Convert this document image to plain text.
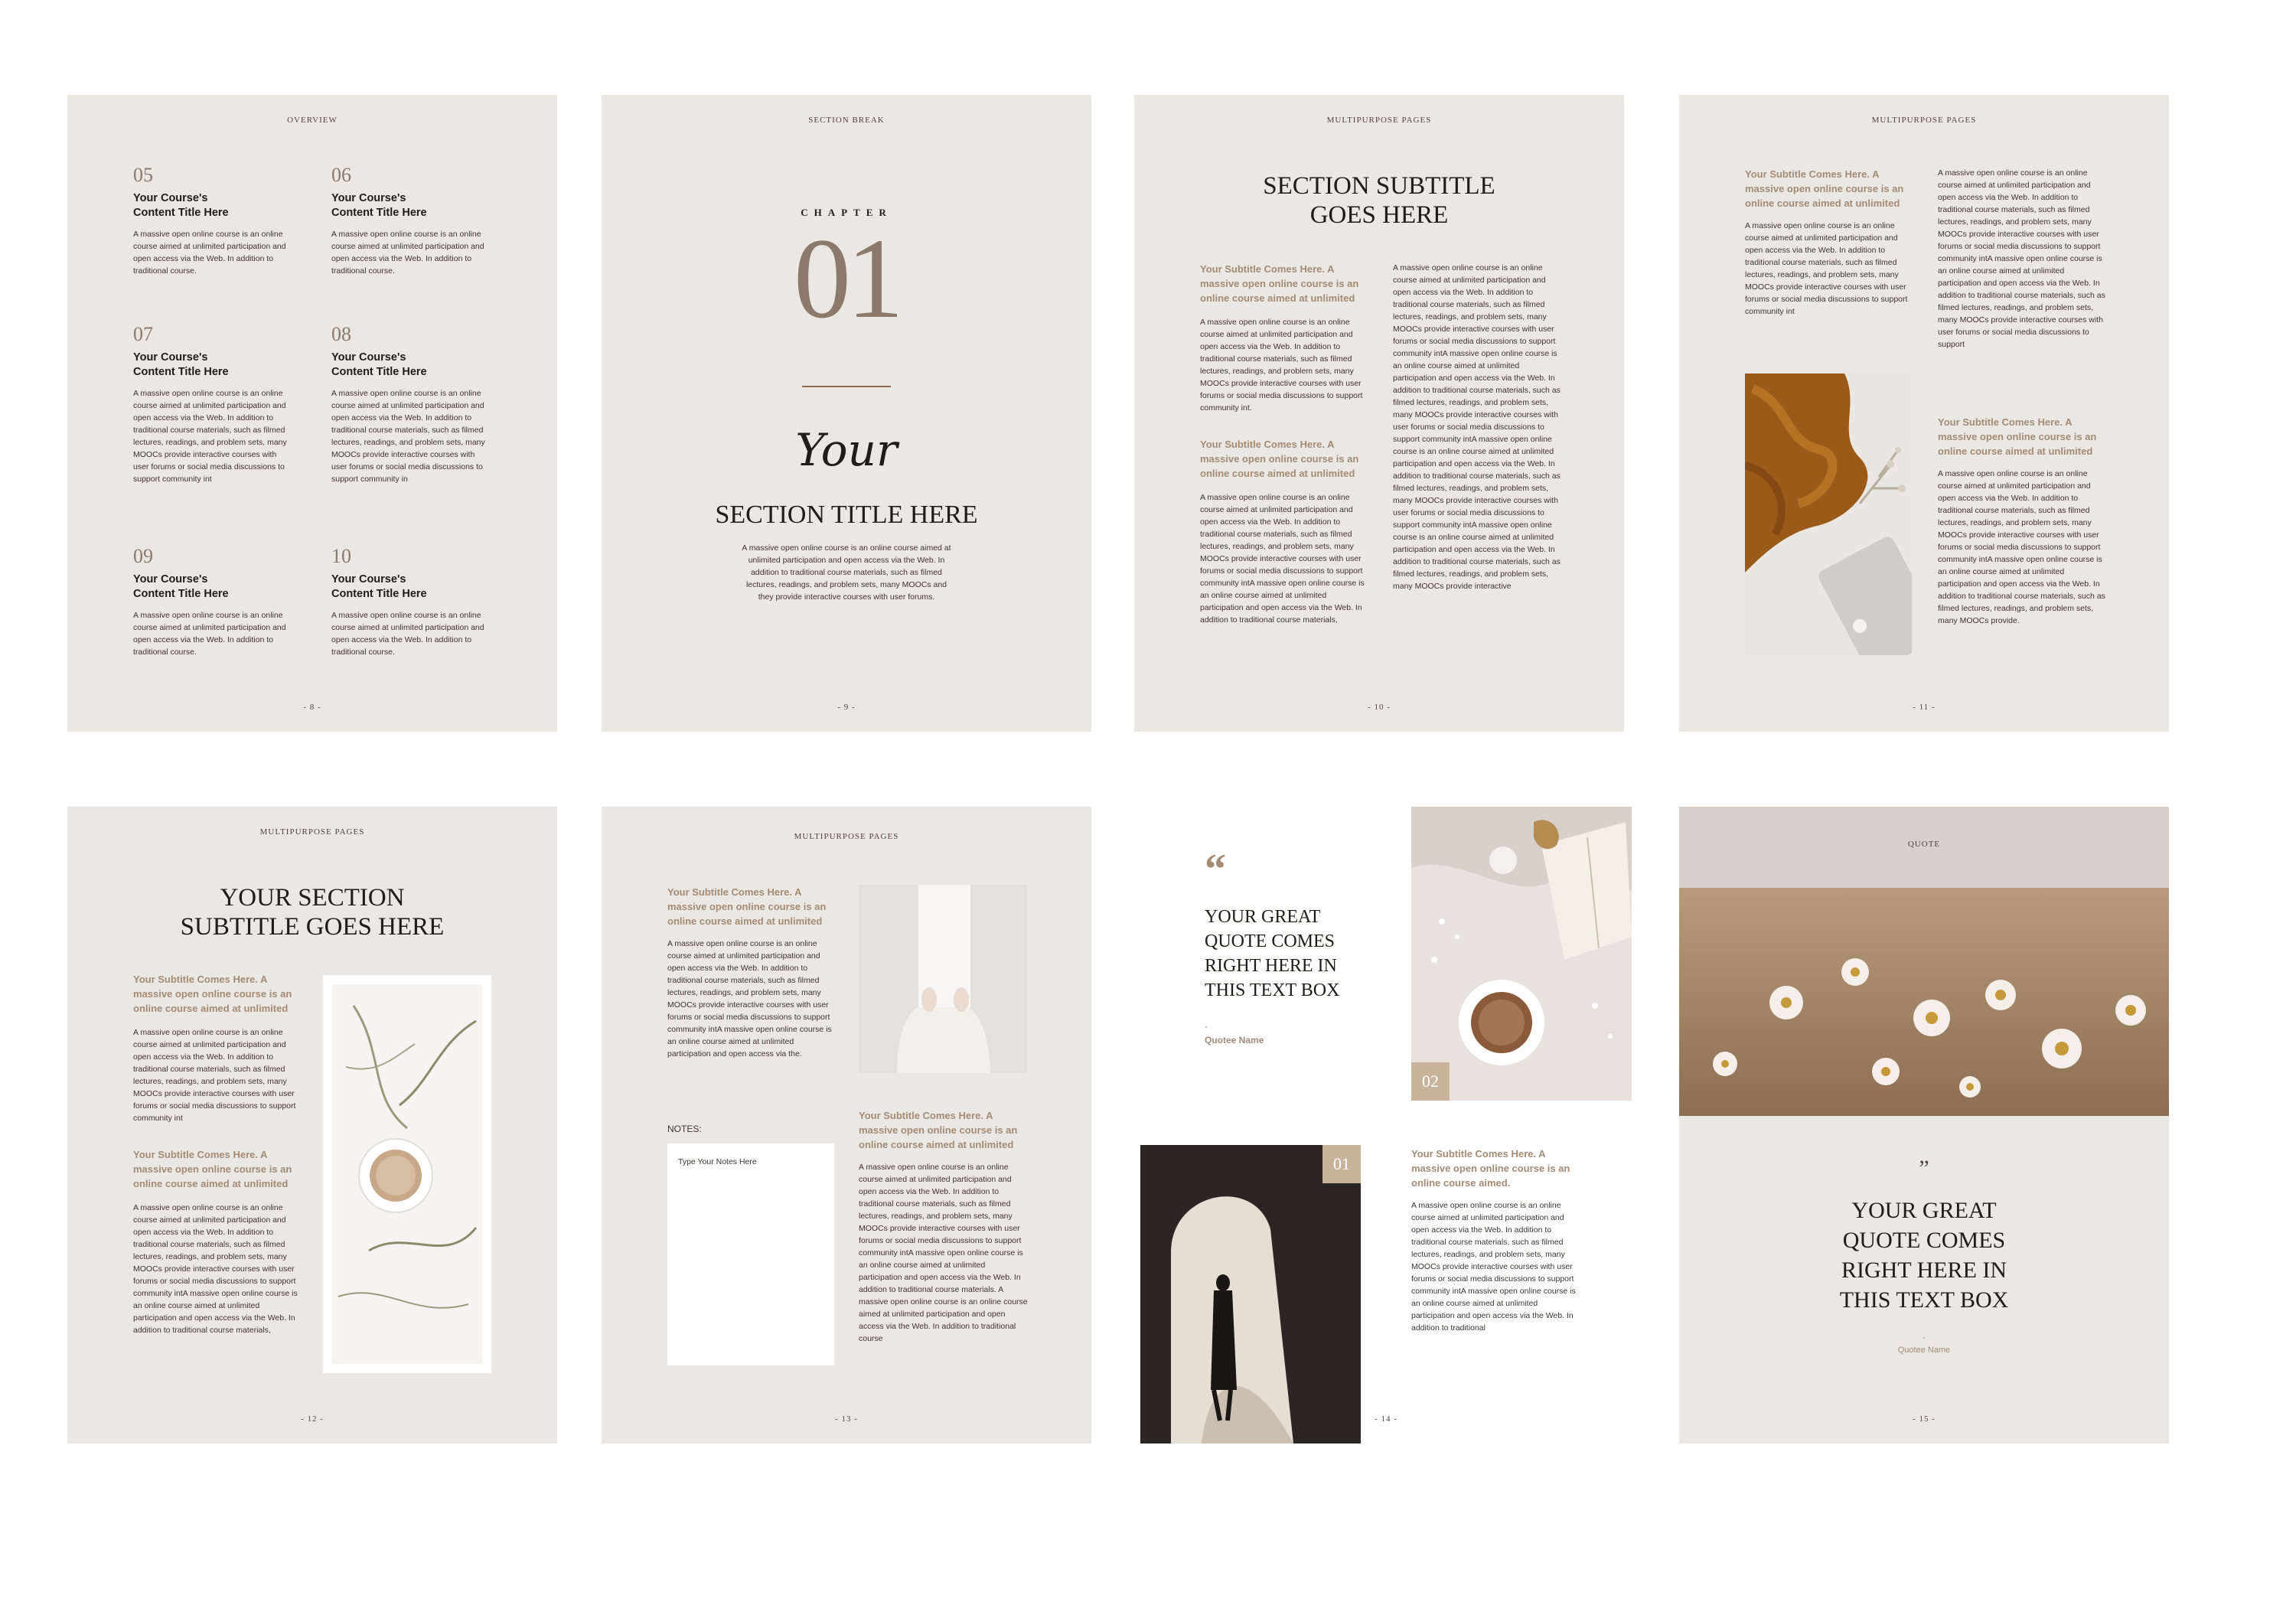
OVERVIEW
05
Your Course's
Content Title Here
A massive open online course is an online course aimed at unlimited participation and open access via the Web. In addition to traditional course.
06
Your Course's
Content Title Here
A massive open online course is an online course aimed at unlimited participation and open access via the Web. In addition to traditional course.
07
Your Course's
Content Title Here
A massive open online course is an online course aimed at unlimited participation and open access via the Web. In addition to traditional course materials, such as filmed lectures, readings, and problem sets, many MOOCs provide interactive courses with user forums or social media discussions to support community int
08
Your Course's
Content Title Here
A massive open online course is an online course aimed at unlimited participation and open access via the Web. In addition to traditional course materials, such as filmed lectures, readings, and problem sets, many MOOCs provide interactive courses with user forums or social media discussions to support community in
09
Your Course's
Content Title Here
A massive open online course is an online course aimed at unlimited participation and open access via the Web. In addition to traditional course.
10
Your Course's
Content Title Here
A massive open online course is an online course aimed at unlimited participation and open access via the Web. In addition to traditional course.
- 8 -
SECTION BREAK
CHAPTER
01
Your
SECTION TITLE HERE
A massive open online course is an online course aimed at unlimited participation and open access via the Web. In addition to traditional course materials, such as filmed lectures, readings, and problem sets, many MOOCs and they provide interactive courses with user forums.
- 9 -
MULTIPURPOSE PAGES
SECTION SUBTITLE
GOES HERE
Your Subtitle Comes Here. A massive open online course is an online course aimed at unlimited
A massive open online course is an online course aimed at unlimited participation and open access via the Web. In addition to traditional course materials, such as filmed lectures, readings, and problem sets, many MOOCs provide interactive courses with user forums or social media discussions to support community int.
Your Subtitle Comes Here. A massive open online course is an online course aimed at unlimited
A massive open online course is an online course aimed at unlimited participation and open access via the Web. In addition to traditional course materials, such as filmed lectures, readings, and problem sets, many MOOCs provide interactive courses with user forums or social media discussions to support community intA massive open online course is an online course aimed at unlimited participation and open access via the Web. In addition to traditional course materials,
A massive open online course is an online course aimed at unlimited participation and open access via the Web. In addition to traditional course materials, such as filmed lectures, readings, and problem sets, many MOOCs provide interactive courses with user forums or social media discussions to support community intA massive open online course is an online course aimed at unlimited participation and open access via the Web. In addition to traditional course materials, such as filmed lectures, readings, and problem sets, many MOOCs provide interactive courses with user forums or social media discussions to support community intA massive open online course is an online course aimed at unlimited participation and open access via the Web. In addition to traditional course materials, such as filmed lectures, readings, and problem sets, many MOOCs provide interactive courses with user forums or social media discussions to support community intA massive open online course is an online course aimed at unlimited participation and open access via the Web. In addition to traditional course materials, such as filmed lectures, readings, and problem sets, many MOOCs provide interactive
- 10 -
MULTIPURPOSE PAGES
Your Subtitle Comes Here. A massive open online course is an online course aimed at unlimited
A massive open online course is an online course aimed at unlimited participation and open access via the Web. In addition to traditional course materials, such as filmed lectures, readings, and problem sets, many MOOCs provide interactive courses with user forums or social media discussions to support community int
A massive open online course is an online course aimed at unlimited participation and open access via the Web. In addition to traditional course materials, such as filmed lectures, readings, and problem sets, many MOOCs provide interactive courses with user forums or social media discussions to support community intA massive open online course is an online course aimed at unlimited participation and open access via the Web. In addition to traditional course materials, such as filmed lectures, readings, and problem sets, many MOOCs provide interactive courses with user forums or social media discussions to support
Your Subtitle Comes Here. A massive open online course is an online course aimed at unlimited
A massive open online course is an online course aimed at unlimited participation and open access via the Web. In addition to traditional course materials, such as filmed lectures, readings, and problem sets, many MOOCs provide interactive courses with user forums or social media discussions to support community intA massive open online course is an online course aimed at unlimited participation and open access via the Web. In addition to traditional course materials, such as filmed lectures, readings, and problem sets, many MOOCs provide.
- 11 -
MULTIPURPOSE PAGES
YOUR SECTION
SUBTITLE GOES HERE
Your Subtitle Comes Here. A massive open online course is an online course aimed at unlimited
A massive open online course is an online course aimed at unlimited participation and open access via the Web. In addition to traditional course materials, such as filmed lectures, readings, and problem sets, many MOOCs provide interactive courses with user forums or social media discussions to support community int
Your Subtitle Comes Here. A massive open online course is an online course aimed at unlimited
A massive open online course is an online course aimed at unlimited participation and open access via the Web. In addition to traditional course materials, such as filmed lectures, readings, and problem sets, many MOOCs provide interactive courses with user forums or social media discussions to support community intA massive open online course is an online course aimed at unlimited participation and open access via the Web. In addition to traditional course materials,
- 12 -
MULTIPURPOSE PAGES
Your Subtitle Comes Here. A massive open online course is an online course aimed at unlimited
A massive open online course is an online course aimed at unlimited participation and open access via the Web. In addition to traditional course materials, such as filmed lectures, readings, and problem sets, many MOOCs provide interactive courses with user forums or social media discussions to support community intA massive open online course is an online course aimed at unlimited participation and open access via the.
NOTES:
Type Your Notes Here
Your Subtitle Comes Here. A massive open online course is an online course aimed at unlimited
A massive open online course is an online course aimed at unlimited participation and open access via the Web. In addition to traditional course materials, such as filmed lectures, readings, and problem sets, many MOOCs provide interactive courses with user forums or social media discussions to support community intA massive open online course is an online course aimed at unlimited participation and open access via the Web. In addition to traditional course materials. A massive open online course is an online course aimed at unlimited participation and open access via the Web. In addition to traditional course
- 13 -
“
YOUR GREAT QUOTE COMES RIGHT HERE IN THIS TEXT BOX
-
Quotee Name
02
01
Your Subtitle Comes Here. A massive open online course is an online course aimed.
A massive open online course is an online course aimed at unlimited participation and open access via the Web. In addition to traditional course materials, such as filmed lectures, readings, and problem sets, many MOOCs provide interactive courses with user forums or social media discussions to support community intA massive open online course is an online course aimed at unlimited participation and open access via the Web. In addition to traditional
- 14 -
QUOTE
”
YOUR GREAT
QUOTE COMES
RIGHT HERE IN
THIS TEXT BOX
-
Quotee Name
- 15 -
